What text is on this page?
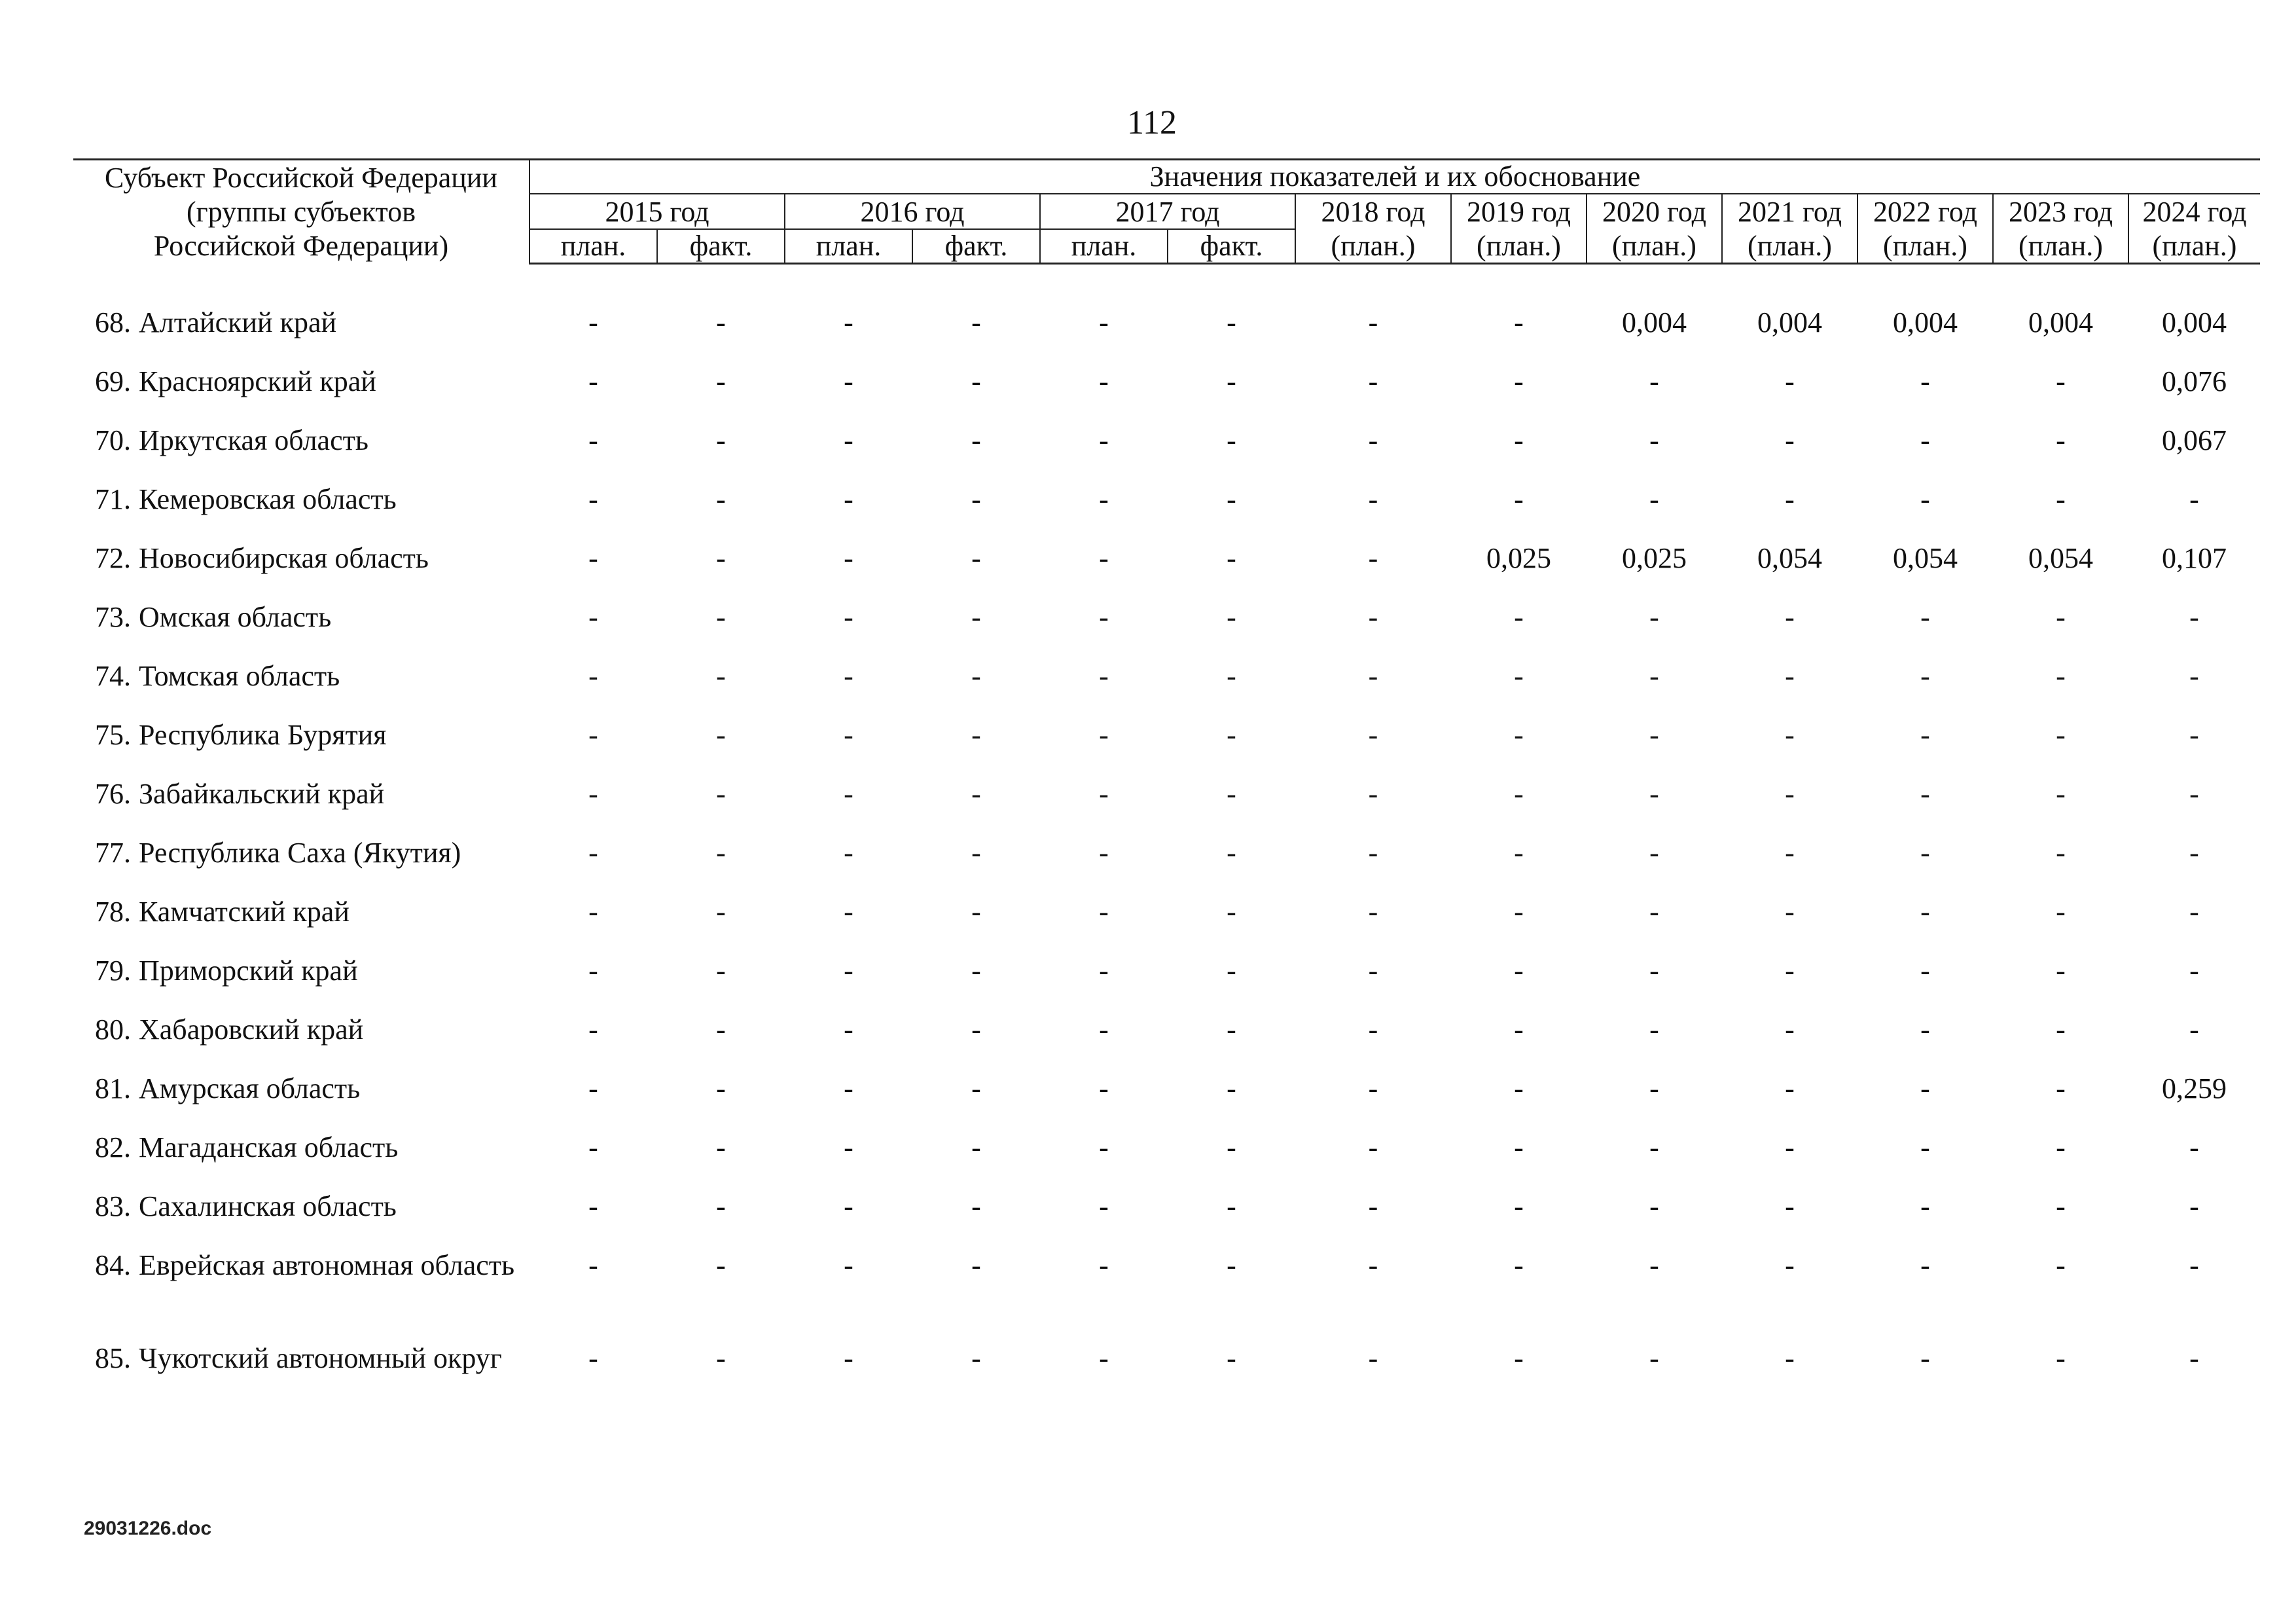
112
Субъект Российской Федерации
(группы субъектов
Российской Федерации)		Значения показателей и их обоснование												
		2015 год		2016 год		2017 год		2018 год	2019 год	2020 год	2021 год	2022 год	2023 год	2024 год
		план.	факт.	план.	факт.	план.	факт.	(план.)	(план.)	(план.)	(план.)	(план.)	(план.)	(план.)

68.	Алтайский край	-	-	-	-	-	-	-	-	0,004	0,004	0,004	0,004	0,004
69.	Красноярский край	-	-	-	-	-	-	-	-	-	-	-	-	0,076
70.	Иркутская область	-	-	-	-	-	-	-	-	-	-	-	-	0,067
71.	Кемеровская область	-	-	-	-	-	-	-	-	-	-	-	-	-
72.	Новосибирская область	-	-	-	-	-	-	-	0,025	0,025	0,054	0,054	0,054	0,107
73.	Омская область	-	-	-	-	-	-	-	-	-	-	-	-	-
74.	Томская область	-	-	-	-	-	-	-	-	-	-	-	-	-
75.	Республика Бурятия	-	-	-	-	-	-	-	-	-	-	-	-	-
76.	Забайкальский край	-	-	-	-	-	-	-	-	-	-	-	-	-
77.	Республика Саха (Якутия)	-	-	-	-	-	-	-	-	-	-	-	-	-
78.	Камчатский край	-	-	-	-	-	-	-	-	-	-	-	-	-
79.	Приморский край	-	-	-	-	-	-	-	-	-	-	-	-	-
80.	Хабаровский край	-	-	-	-	-	-	-	-	-	-	-	-	-
81.	Амурская область	-	-	-	-	-	-	-	-	-	-	-	-	0,259
82.	Магаданская область	-	-	-	-	-	-	-	-	-	-	-	-	-
83.	Сахалинская область	-	-	-	-	-	-	-	-	-	-	-	-	-
84.	Еврейская автономная область	-	-	-	-	-	-	-	-	-	-	-	-	-
85.	Чукотский автономный округ	-	-	-	-	-	-	-	-	-	-	-	-	-
29031226.doc
